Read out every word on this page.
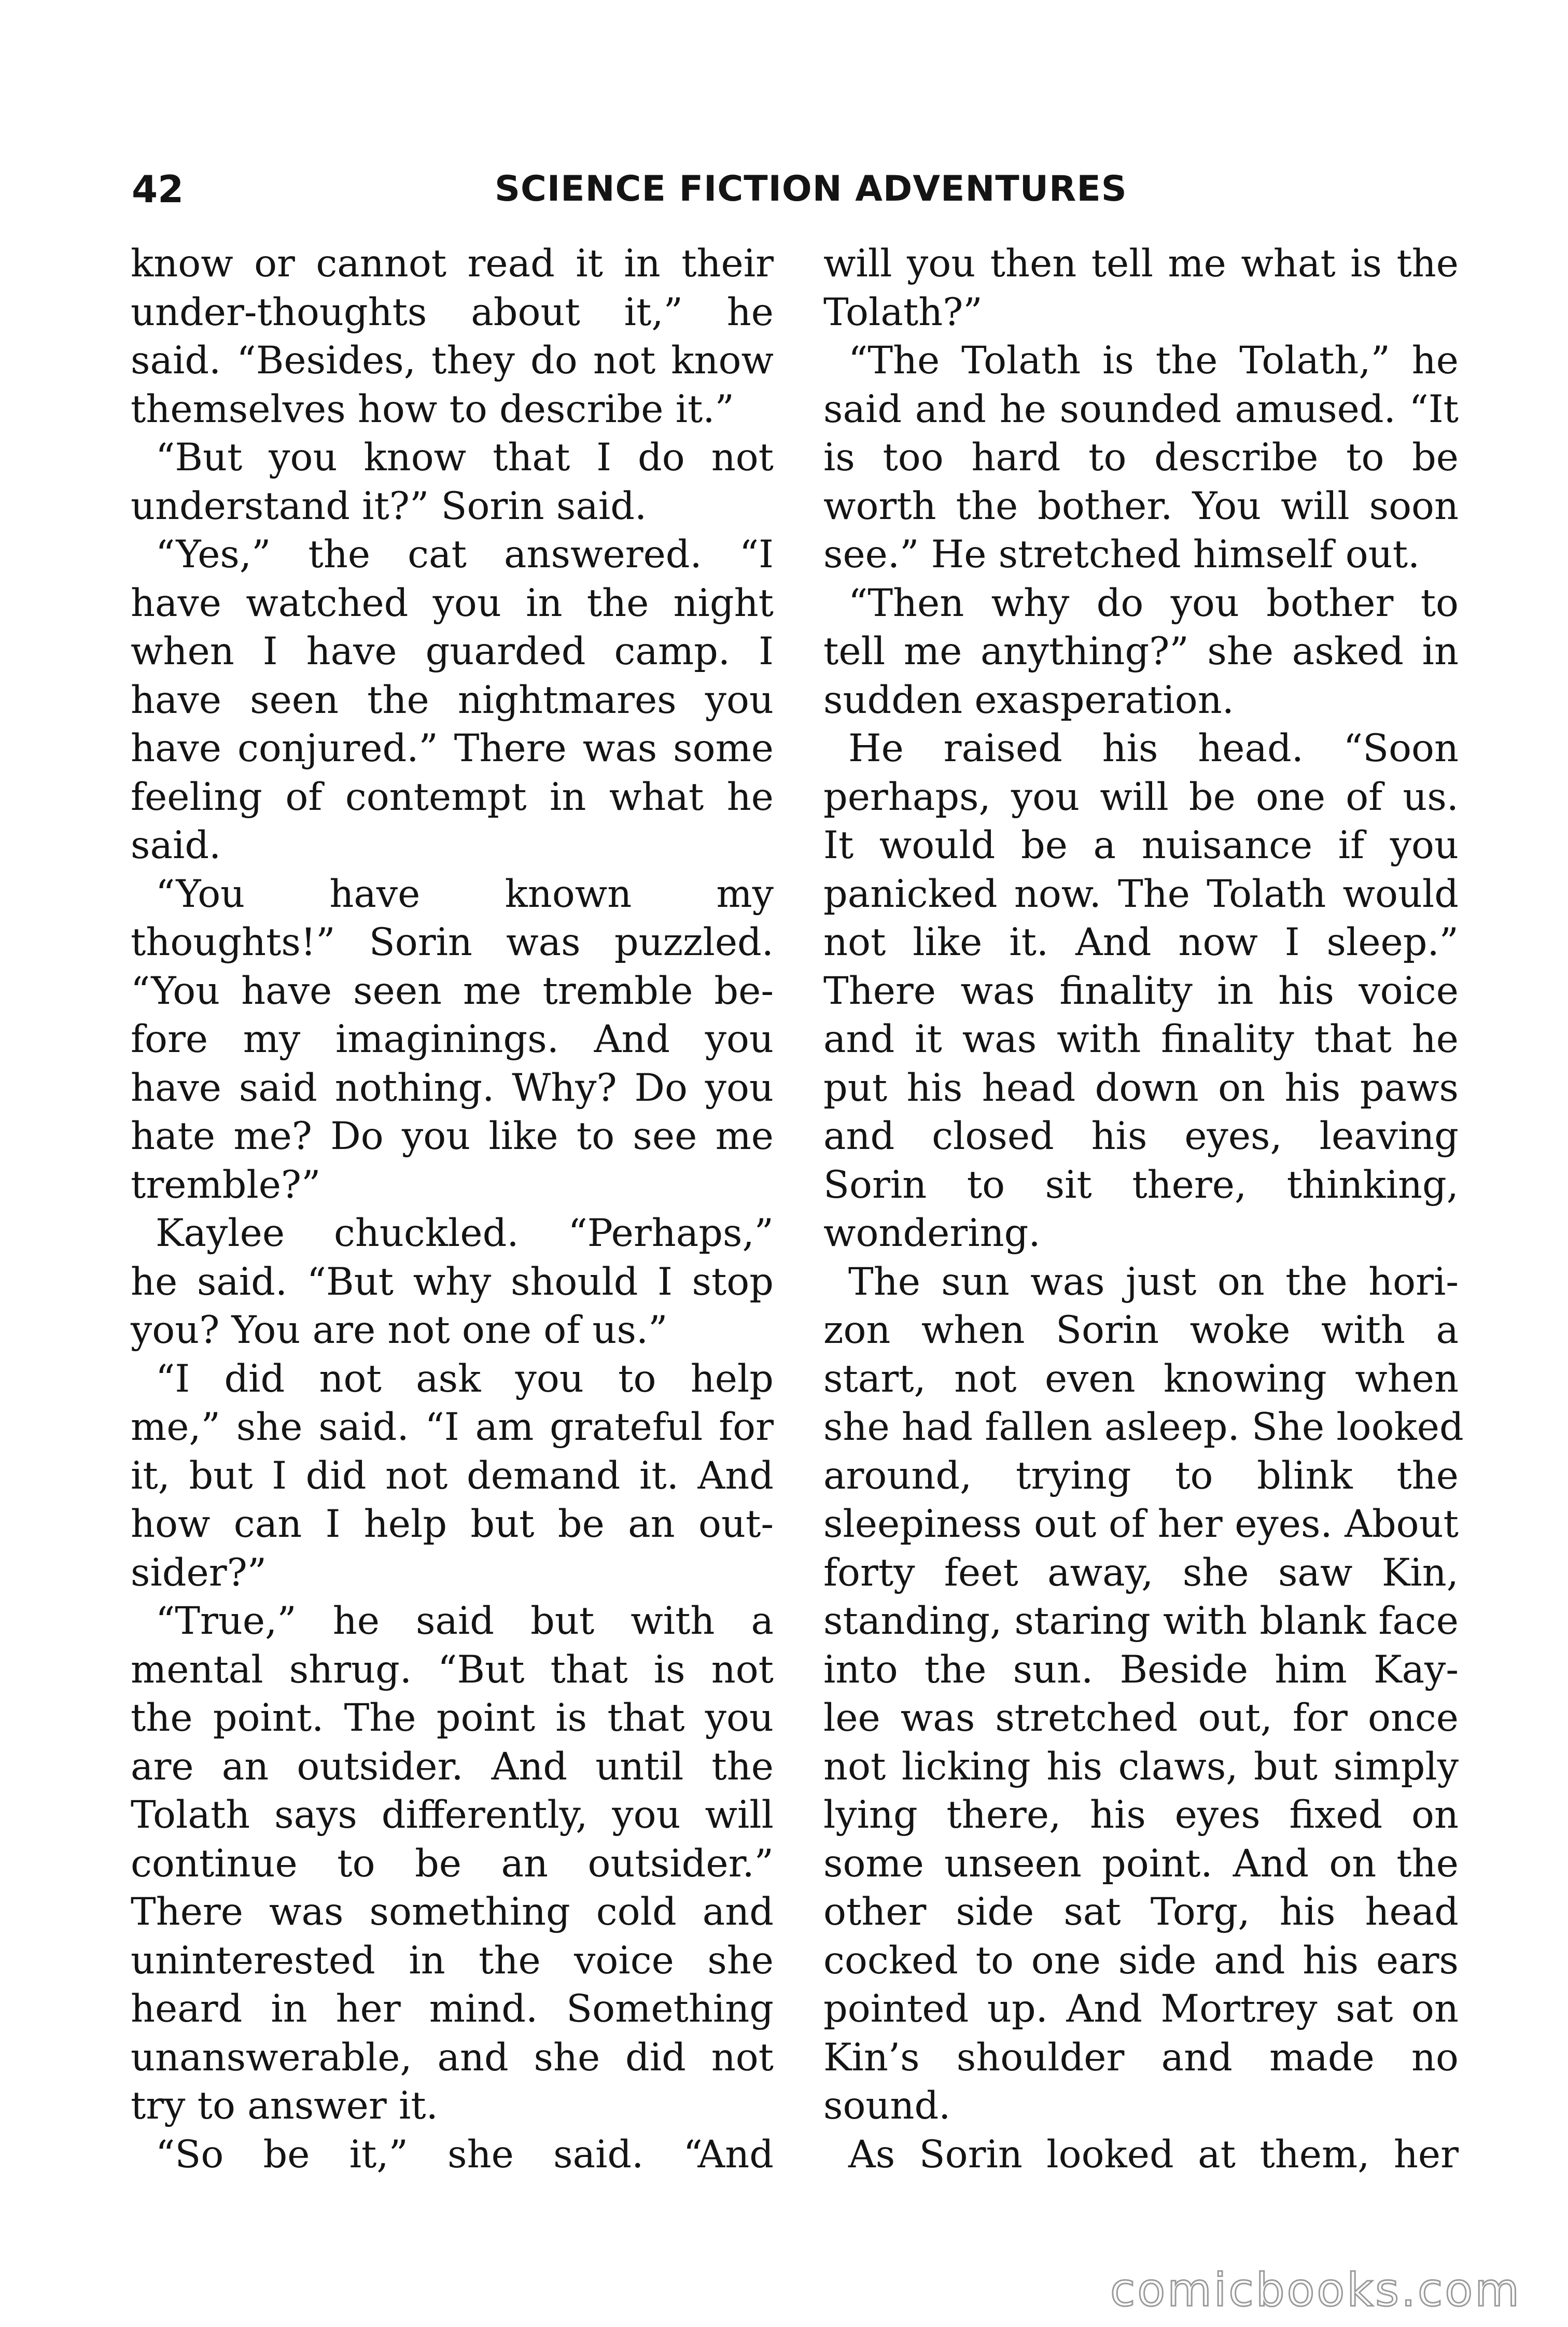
42	SCIENCE FICTION ADVENTURES
know or cannot read it in their
under-thoughts about it,” he
said. “Besides, they do not know
themselves how to describe it.”
“But you know that I do not
understand it?” Sorin said.
“Yes,” the cat answered. “I
have watched you in the night
when I have guarded camp. I
have seen the nightmares you
have conjured.” There was some
feeling of contempt in what he
said.
“You have known my
thoughts!” Sorin was puzzled.
“You have seen me tremble be-
fore my imaginings. And you
have said nothing. Why? Do you
hate me? Do you like to see me
tremble?”
Kaylee chuckled. “Perhaps,”
he said. “But why should I stop
you? You are not one of us.”
“I did not ask you to help
me,” she said. “I am grateful for
it, but I did not demand it. And
how can I help but be an out-
sider?”
“True,” he said but with a
mental shrug. “But that is not
the point. The point is that you
are an outsider. And until the
Tolath says differently, you will
continue to be an outsider.”
There was something cold and
uninterested in the voice she
heard in her mind. Something
unanswerable, and she did not
try to answer it.
“So be it,” she said. “And
will you then tell me what is the
Tolath?”
“The Tolath is the Tolath,” he
said and he sounded amused. “It
is too hard to describe to be
worth the bother. You will soon
see.” He stretched himself out.
“Then why do you bother to
tell me anything?” she asked in
sudden exasperation.
He raised his head. “Soon
perhaps, you will be one of us.
It would be a nuisance if you
panicked now. The Tolath would
not like it. And now I sleep.”
There was finality in his voice
and it was with finality that he
put his head down on his paws
and closed his eyes, leaving
Sorin to sit there, thinking,
wondering.
The sun was just on the hori-
zon when Sorin woke with a
start, not even knowing when
she had fallen asleep. She looked
around, trying to blink the
sleepiness out of her eyes. About
forty feet away, she saw Kin,
standing, staring with blank face
into the sun. Beside him Kay-
lee was stretched out, for once
not licking his claws, but simply
lying there, his eyes fixed on
some unseen point. And on the
other side sat Torg, his head
cocked to one side and his ears
pointed up. And Mortrey sat on
Kin’s shoulder and made no
sound.
As Sorin looked at them, her
comicbooks.com
